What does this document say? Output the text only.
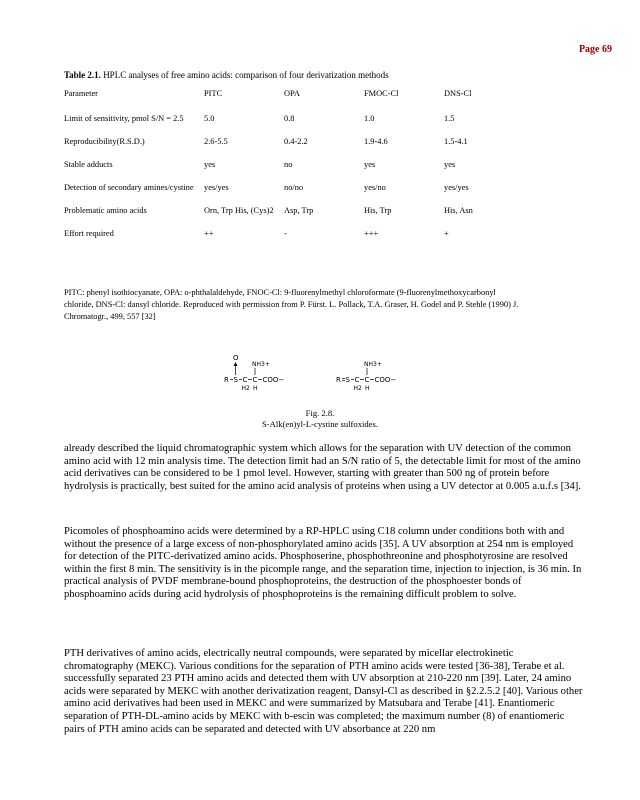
Page 69
Table 2.1. HPLC analyses of free amino acids: comparison of four derivatization methods
Parameter	PITC	OPA	FMOC-Cl	DNS-Cl
Limit of sensitivity, pmol S/N = 2.5	5.0	0.8	1.0	1.5
Reproducibility(R.S.D.)	2.6-5.5	0.4-2.2	1.9-4.6	1.5-4.1
Stable adducts	yes	no	yes	yes
Detection of secondary amines/cystine	yes/yes	no/no	yes/no	yes/yes
Problematic amino acids	Orn, Trp His, (Cys)2	Asp, Trp	His, Trp	His, Asn
Effort required	++	-	+++	+
PITC: phenyl isothiocyanate, OPA: o-phthalaldehyde, FNOC-Cl: 9-fluorenylmethyl chloroformate (9-fluorenylmethoxycarbonyl chloride, DNS-Cl: dansyl chloride. Reproduced with permission from P. Fürst. L. Pollack, T.A. Graser, H. Godel and P. Stehle (1990) J. Chromatogr., 499, 557 [32]
O
R S C
H2
C
NH3+
H
COO−	R S C
H2
C
NH3+
H
COO−
Fig. 2.8.
S-Alk(en)yl-L-cystine sulfoxides.

already described the liquid chromatographic system which allows for the separation with UV detection of the common amino acid with 12 min analysis time. The detection limit had an S/N ratio of 5, the detectable limit for most of the amino acid derivatives can be considered to be 1 pmol level. However, starting with greater than 500 ng of protein before hydrolysis is practically, best suited for the amino acid analysis of proteins when using a UV detector at 0.005 a.u.f.s [34].

Picomoles of phosphoamino acids were determined by a RP-HPLC using C18 column under conditions both with and without the presence of a large excess of non-phosphorylated amino acids [35]. A UV absorption at 254 nm is employed for detection of the PITC-derivatized amino acids. Phosphoserine, phosphothreonine and phosphotyrosine are resolved within the first 8 min. The sensitivity is in the picomple range, and the separation time, injection to injection, is 36 min. In practical analysis of PVDF membrane-bound phosphoproteins, the destruction of the phosphoester bonds of phosphoamino acids during acid hydrolysis of phosphoproteins is the remaining difficult problem to solve.

PTH derivatives of amino acids, electrically neutral compounds, were separated by micellar electrokinetic chromatography (MEKC). Various conditions for the separation of PTH amino acids were tested [36-38], Terabe et al. successfully separated 23 PTH amino acids and detected them with UV absorption at 210-220 nm [39]. Later, 24 amino acids were separated by MEKC with another derivatization reagent, Dansyl-Cl as described in §2.2.5.2 [40]. Various other amino acid derivatives had been used in MEKC and were summarized by Matsubara and Terabe [41]. Enantiomeric separation of PTH-DL-amino acids by MEKC with b-escin was completed; the maximum number (8) of enantiomeric pairs of PTH amino acids can be separated and detected with UV absorbance at 220 nm
